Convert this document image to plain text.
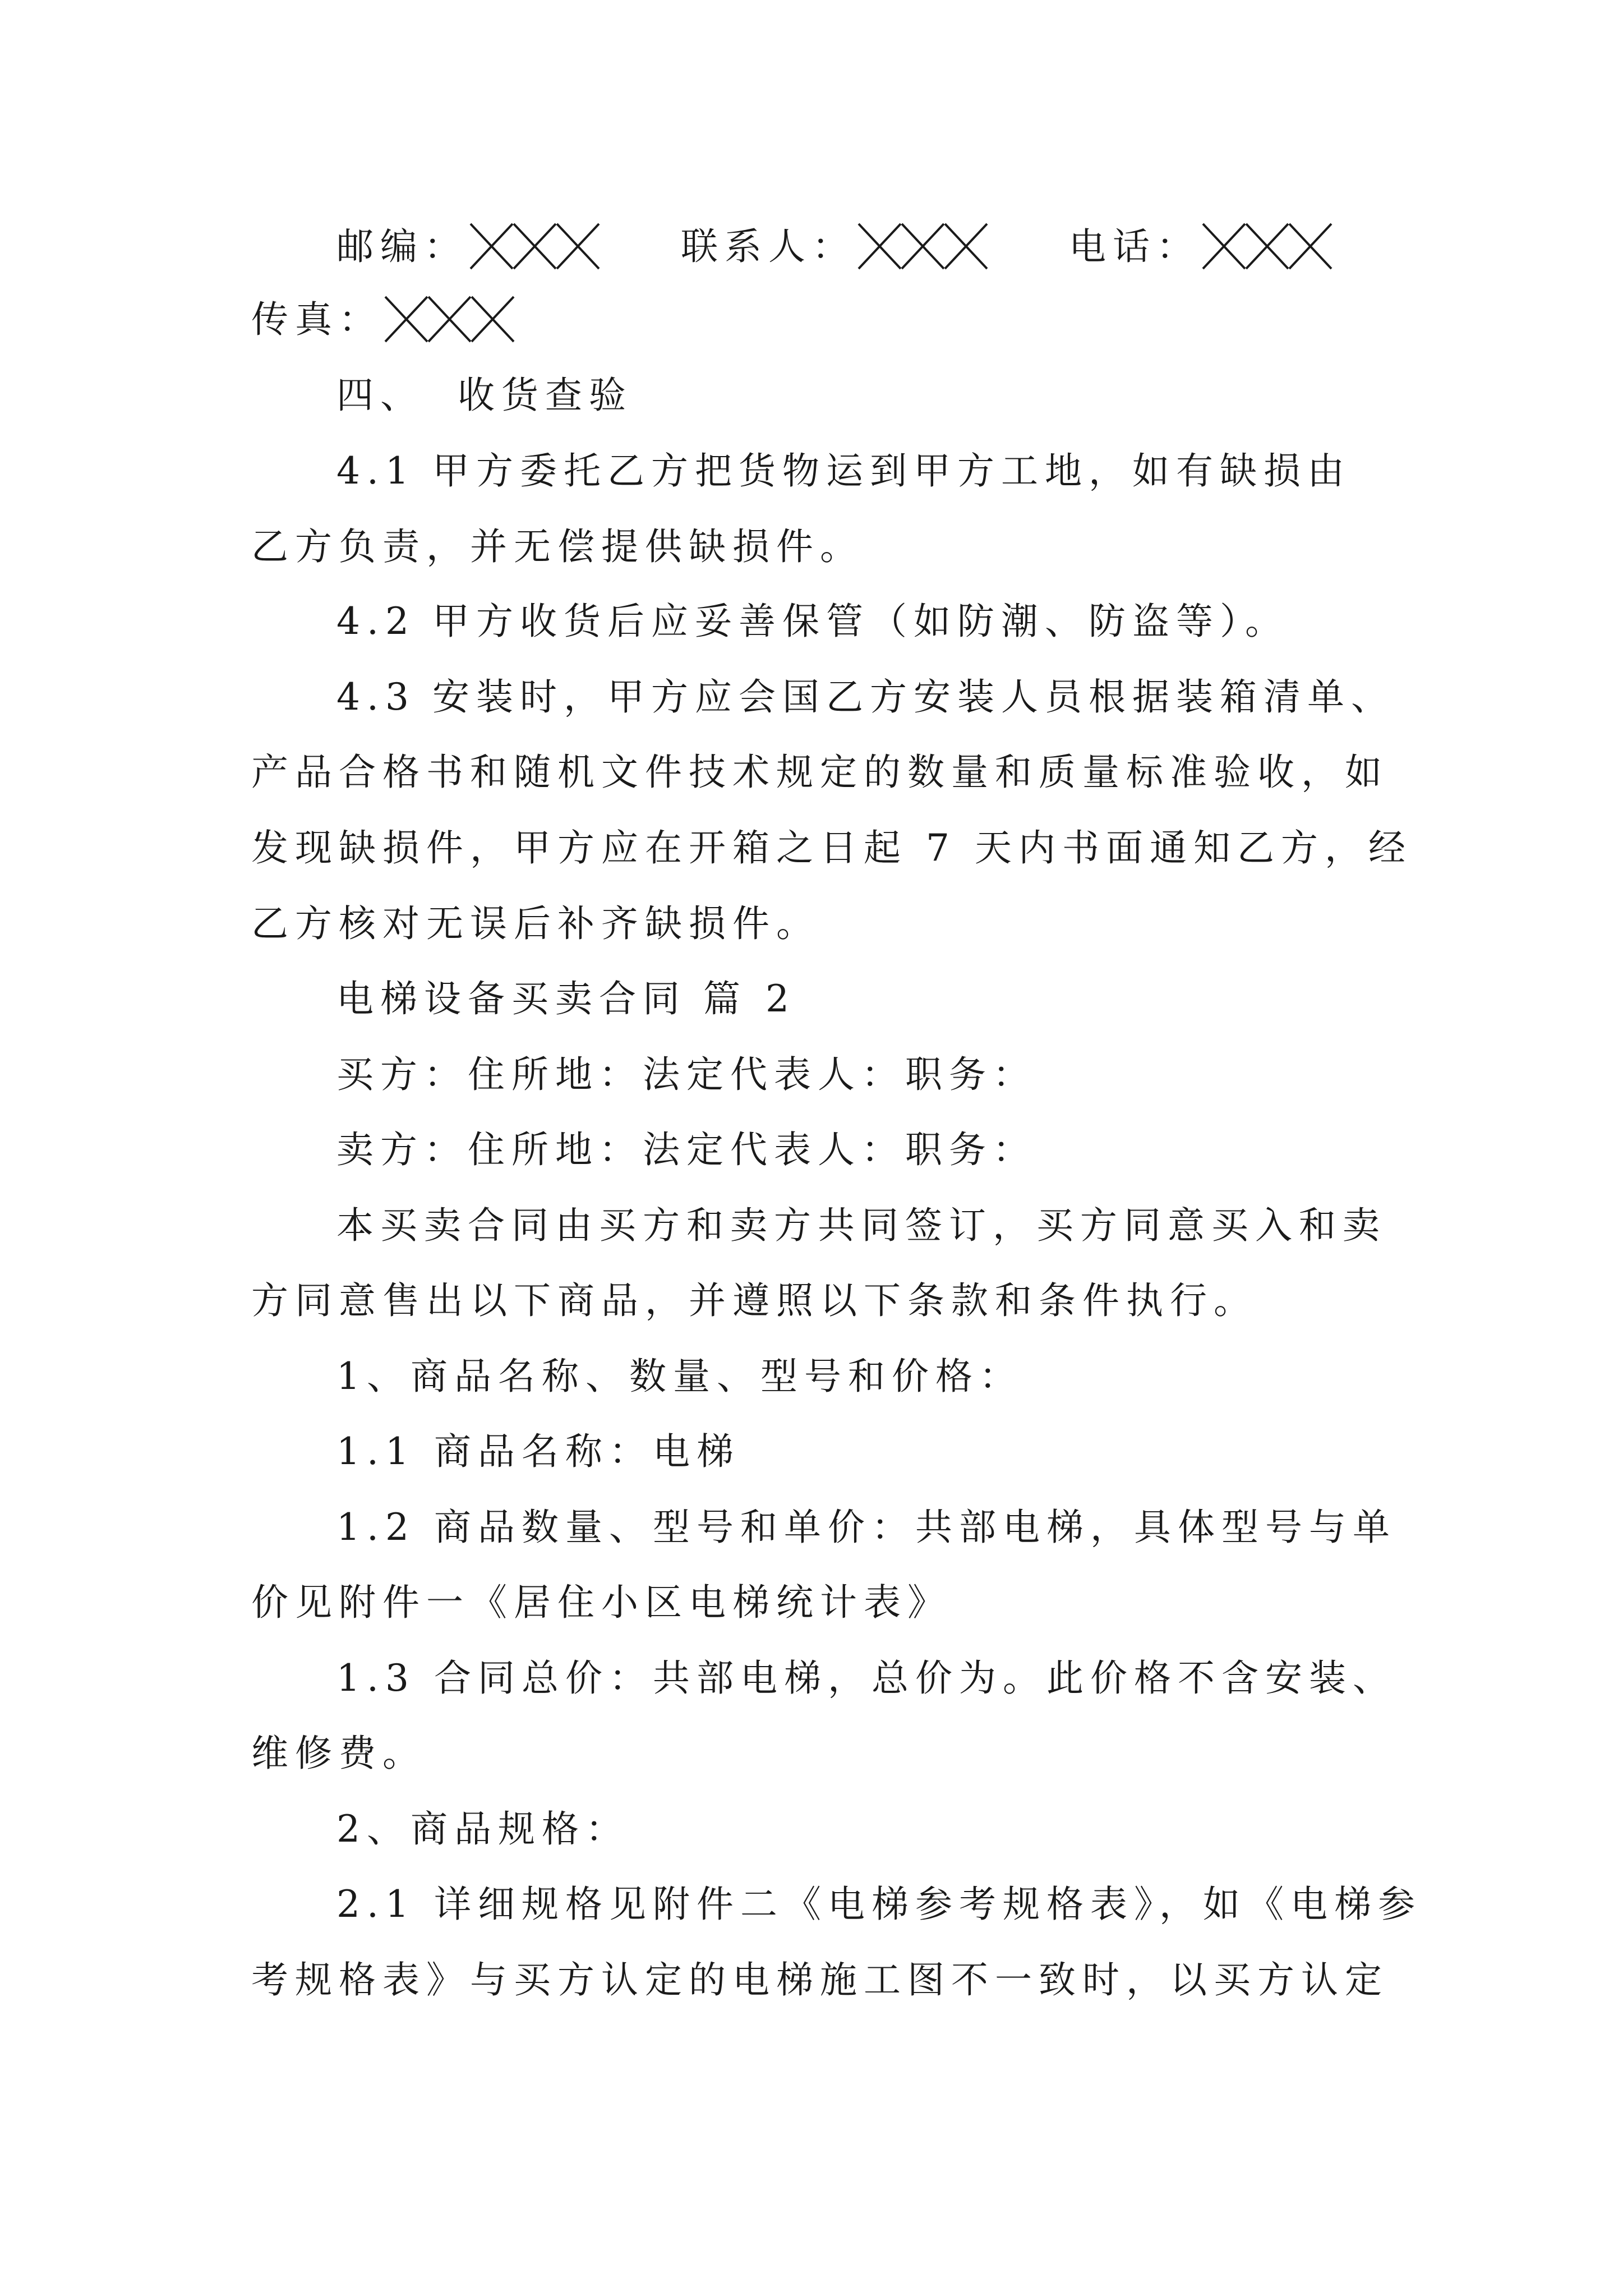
邮编：	联系人：	电话：
传真：
四、 收货查验
4.1 甲方委托乙方把货物运到甲方工地，如有缺损由
乙方负责，并无偿提供缺损件。
4.2 甲方收货后应妥善保管（如防潮、防盗等）。
4.3 安装时，甲方应会国乙方安装人员根据装箱清单、
产品合格书和随机文件技术规定的数量和质量标准验收，如
发现缺损件，甲方应在开箱之日起 7 天内书面通知乙方，经
乙方核对无误后补齐缺损件。
电梯设备买卖合同 篇 2
买方：住所地：法定代表人：职务：
卖方：住所地：法定代表人：职务：
本买卖合同由买方和卖方共同签订，买方同意买入和卖
方同意售出以下商品，并遵照以下条款和条件执行。
1、商品名称、数量、型号和价格：
1.1 商品名称：电梯
1.2 商品数量、型号和单价：共部电梯，具体型号与单
价见附件一《居住小区电梯统计表》
1.3 合同总价：共部电梯，总价为。此价格不含安装、
维修费。
2、商品规格：
2.1 详细规格见附件二《电梯参考规格表》，如《电梯参
考规格表》与买方认定的电梯施工图不一致时，以买方认定
